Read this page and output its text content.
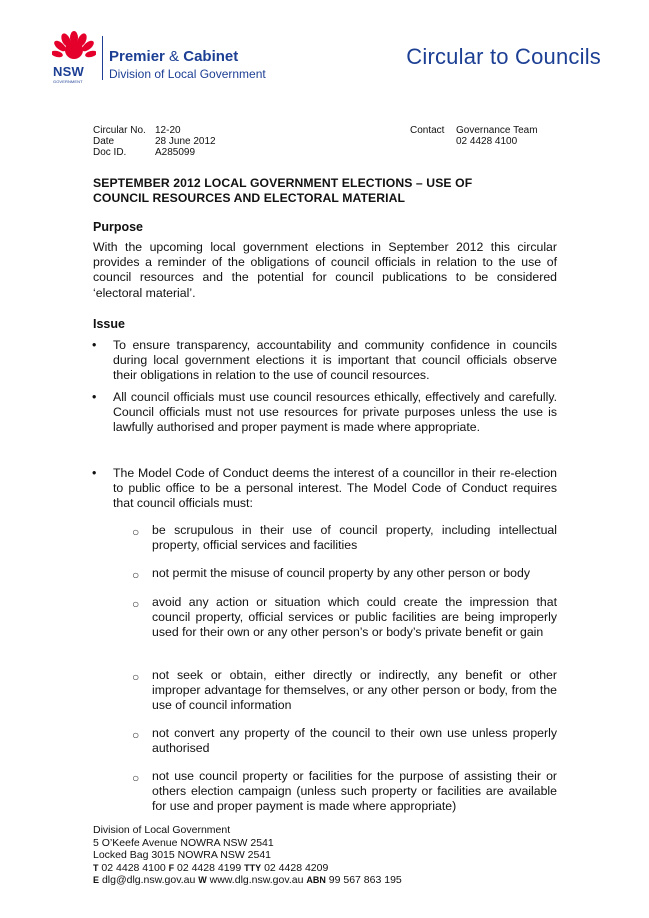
NSW
GOVERNMENT
Premier & Cabinet
Division of Local Government
Circular to Councils
Circular No. 12-20
Date	28 June 2012
Doc ID.	A285099
Contact Governance Team
02 4428 4100
SEPTEMBER 2012 LOCAL GOVERNMENT ELECTIONS – USE OF
COUNCIL RESOURCES AND ELECTORAL MATERIAL
Purpose
With the upcoming local government elections in September 2012 this circular provides a reminder of the obligations of council officials in relation to the use of council resources and the potential for council publications to be considered ‘electoral material’.
Issue
• To ensure transparency, accountability and community confidence in councils during local government elections it is important that council officials observe their obligations in relation to the use of council resources.
• All council officials must use council resources ethically, effectively and carefully. Council officials must not use resources for private purposes unless the use is lawfully authorised and proper payment is made where appropriate.
• The Model Code of Conduct deems the interest of a councillor in their re-election to public office to be a personal interest. The Model Code of Conduct requires that council officials must:
○ be scrupulous in their use of council property, including intellectual property, official services and facilities
○ not permit the misuse of council property by any other person or body
○ avoid any action or situation which could create the impression that council property, official services or public facilities are being improperly used for their own or any other person’s or body’s private benefit or gain
○ not seek or obtain, either directly or indirectly, any benefit or other improper advantage for themselves, or any other person or body, from the use of council information
○ not convert any property of the council to their own use unless properly authorised
○ not use council property or facilities for the purpose of assisting their or others election campaign (unless such property or facilities are available for use and proper payment is made where appropriate)
Division of Local Government
5 O’Keefe Avenue NOWRA NSW 2541
Locked Bag 3015 NOWRA NSW 2541
T 02 4428 4100 F 02 4428 4199 TTY 02 4428 4209
E dlg@dlg.nsw.gov.au W www.dlg.nsw.gov.au ABN 99 567 863 195
